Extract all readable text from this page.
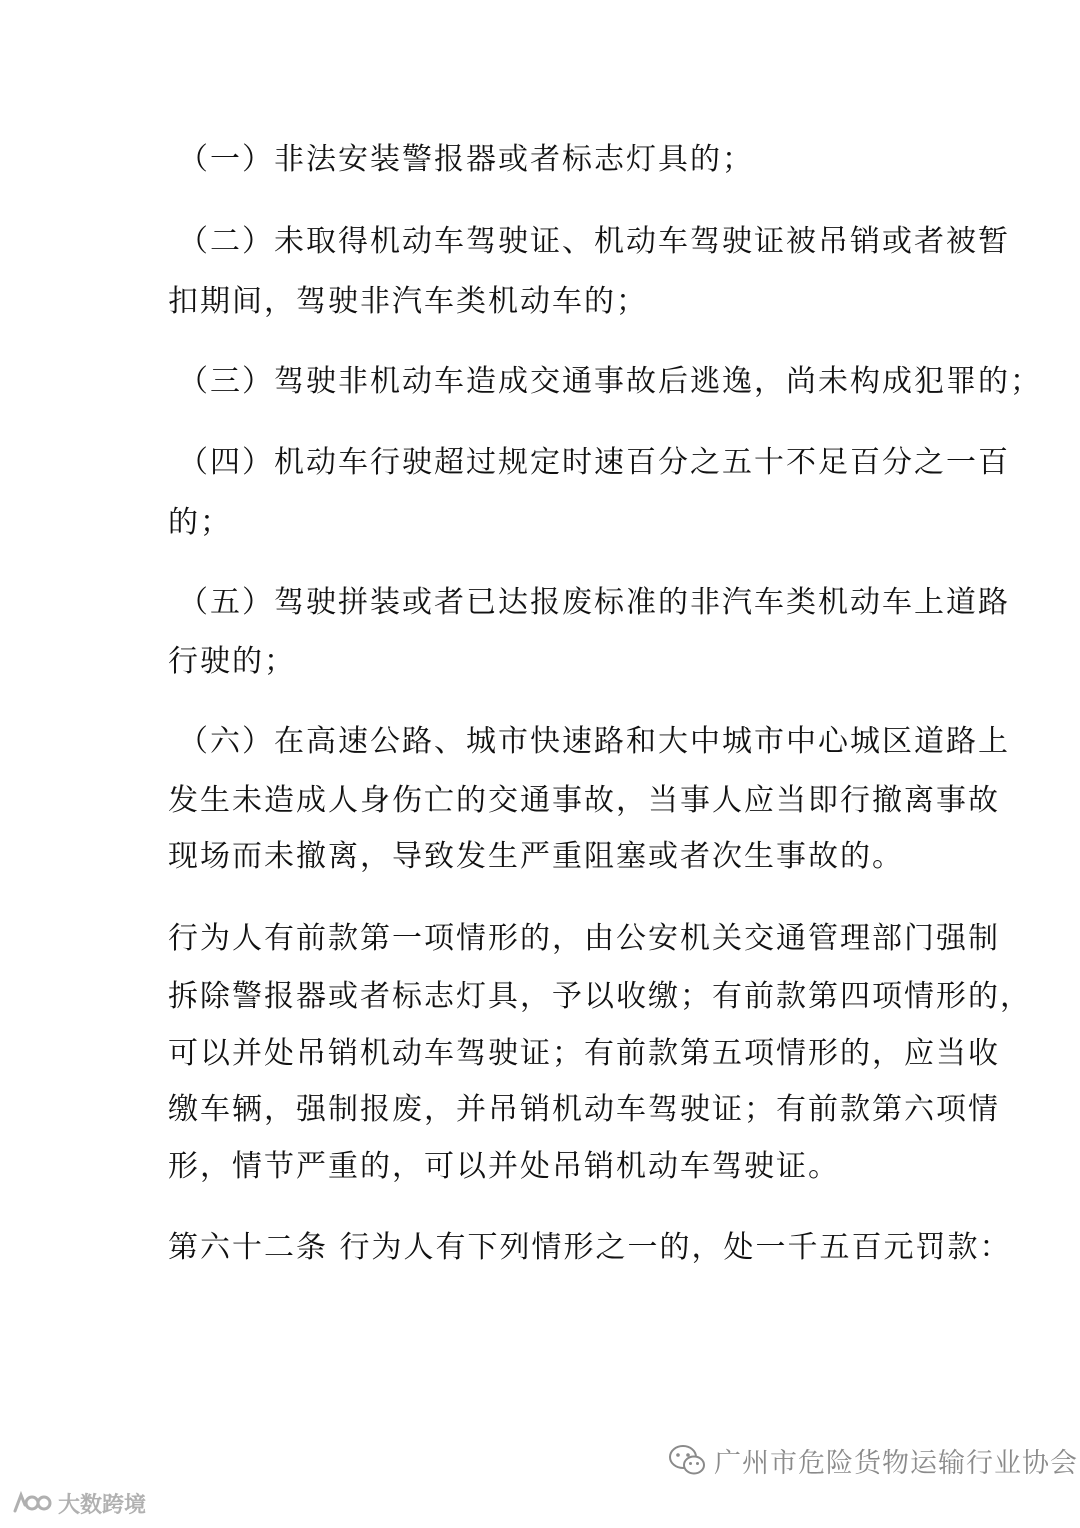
（一）非法安装警报器或者标志灯具的；
（二）未取得机动车驾驶证、机动车驾驶证被吊销或者被暂
扣期间，驾驶非汽车类机动车的；
（三）驾驶非机动车造成交通事故后逃逸，尚未构成犯罪的；
（四）机动车行驶超过规定时速百分之五十不足百分之一百
的；
（五）驾驶拼装或者已达报废标准的非汽车类机动车上道路
行驶的；
（六）在高速公路、城市快速路和大中城市中心城区道路上
发生未造成人身伤亡的交通事故，当事人应当即行撤离事故
现场而未撤离，导致发生严重阻塞或者次生事故的。
行为人有前款第一项情形的，由公安机关交通管理部门强制
拆除警报器或者标志灯具，予以收缴；有前款第四项情形的，
可以并处吊销机动车驾驶证；有前款第五项情形的，应当收
缴车辆，强制报废，并吊销机动车驾驶证；有前款第六项情
形，情节严重的，可以并处吊销机动车驾驶证。
第六十二条 行为人有下列情形之一的，处一千五百元罚款：
广州市危险货物运输行业协会
大数跨境
